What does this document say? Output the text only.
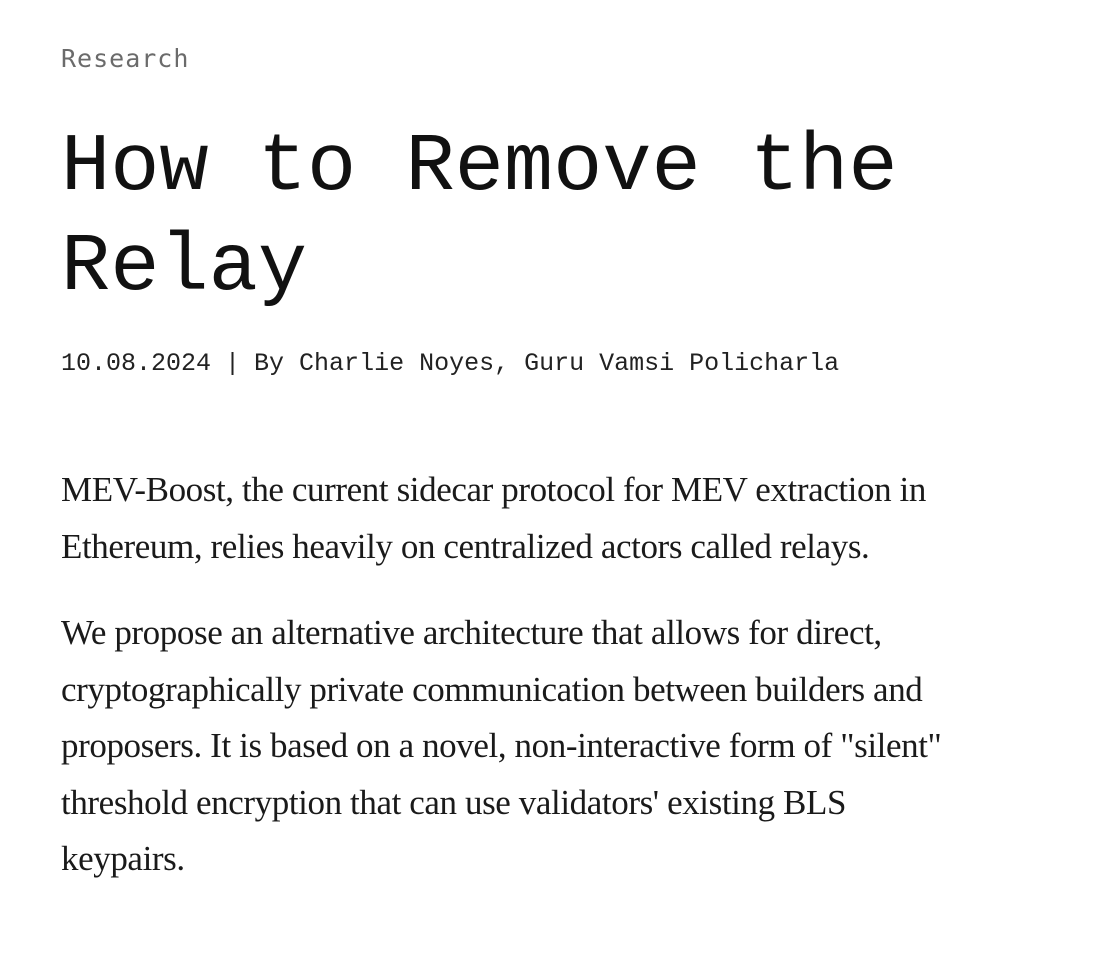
Research
How to Remove the Relay
10.08.2024 | By Charlie Noyes, Guru Vamsi Policharla

MEV-Boost, the current sidecar protocol for MEV extraction in Ethereum, relies heavily on centralized actors called relays.

We propose an alternative architecture that allows for direct, cryptographically private communication between builders and proposers. It is based on a novel, non-interactive form of "silent" threshold encryption that can use validators' existing BLS keypairs.
